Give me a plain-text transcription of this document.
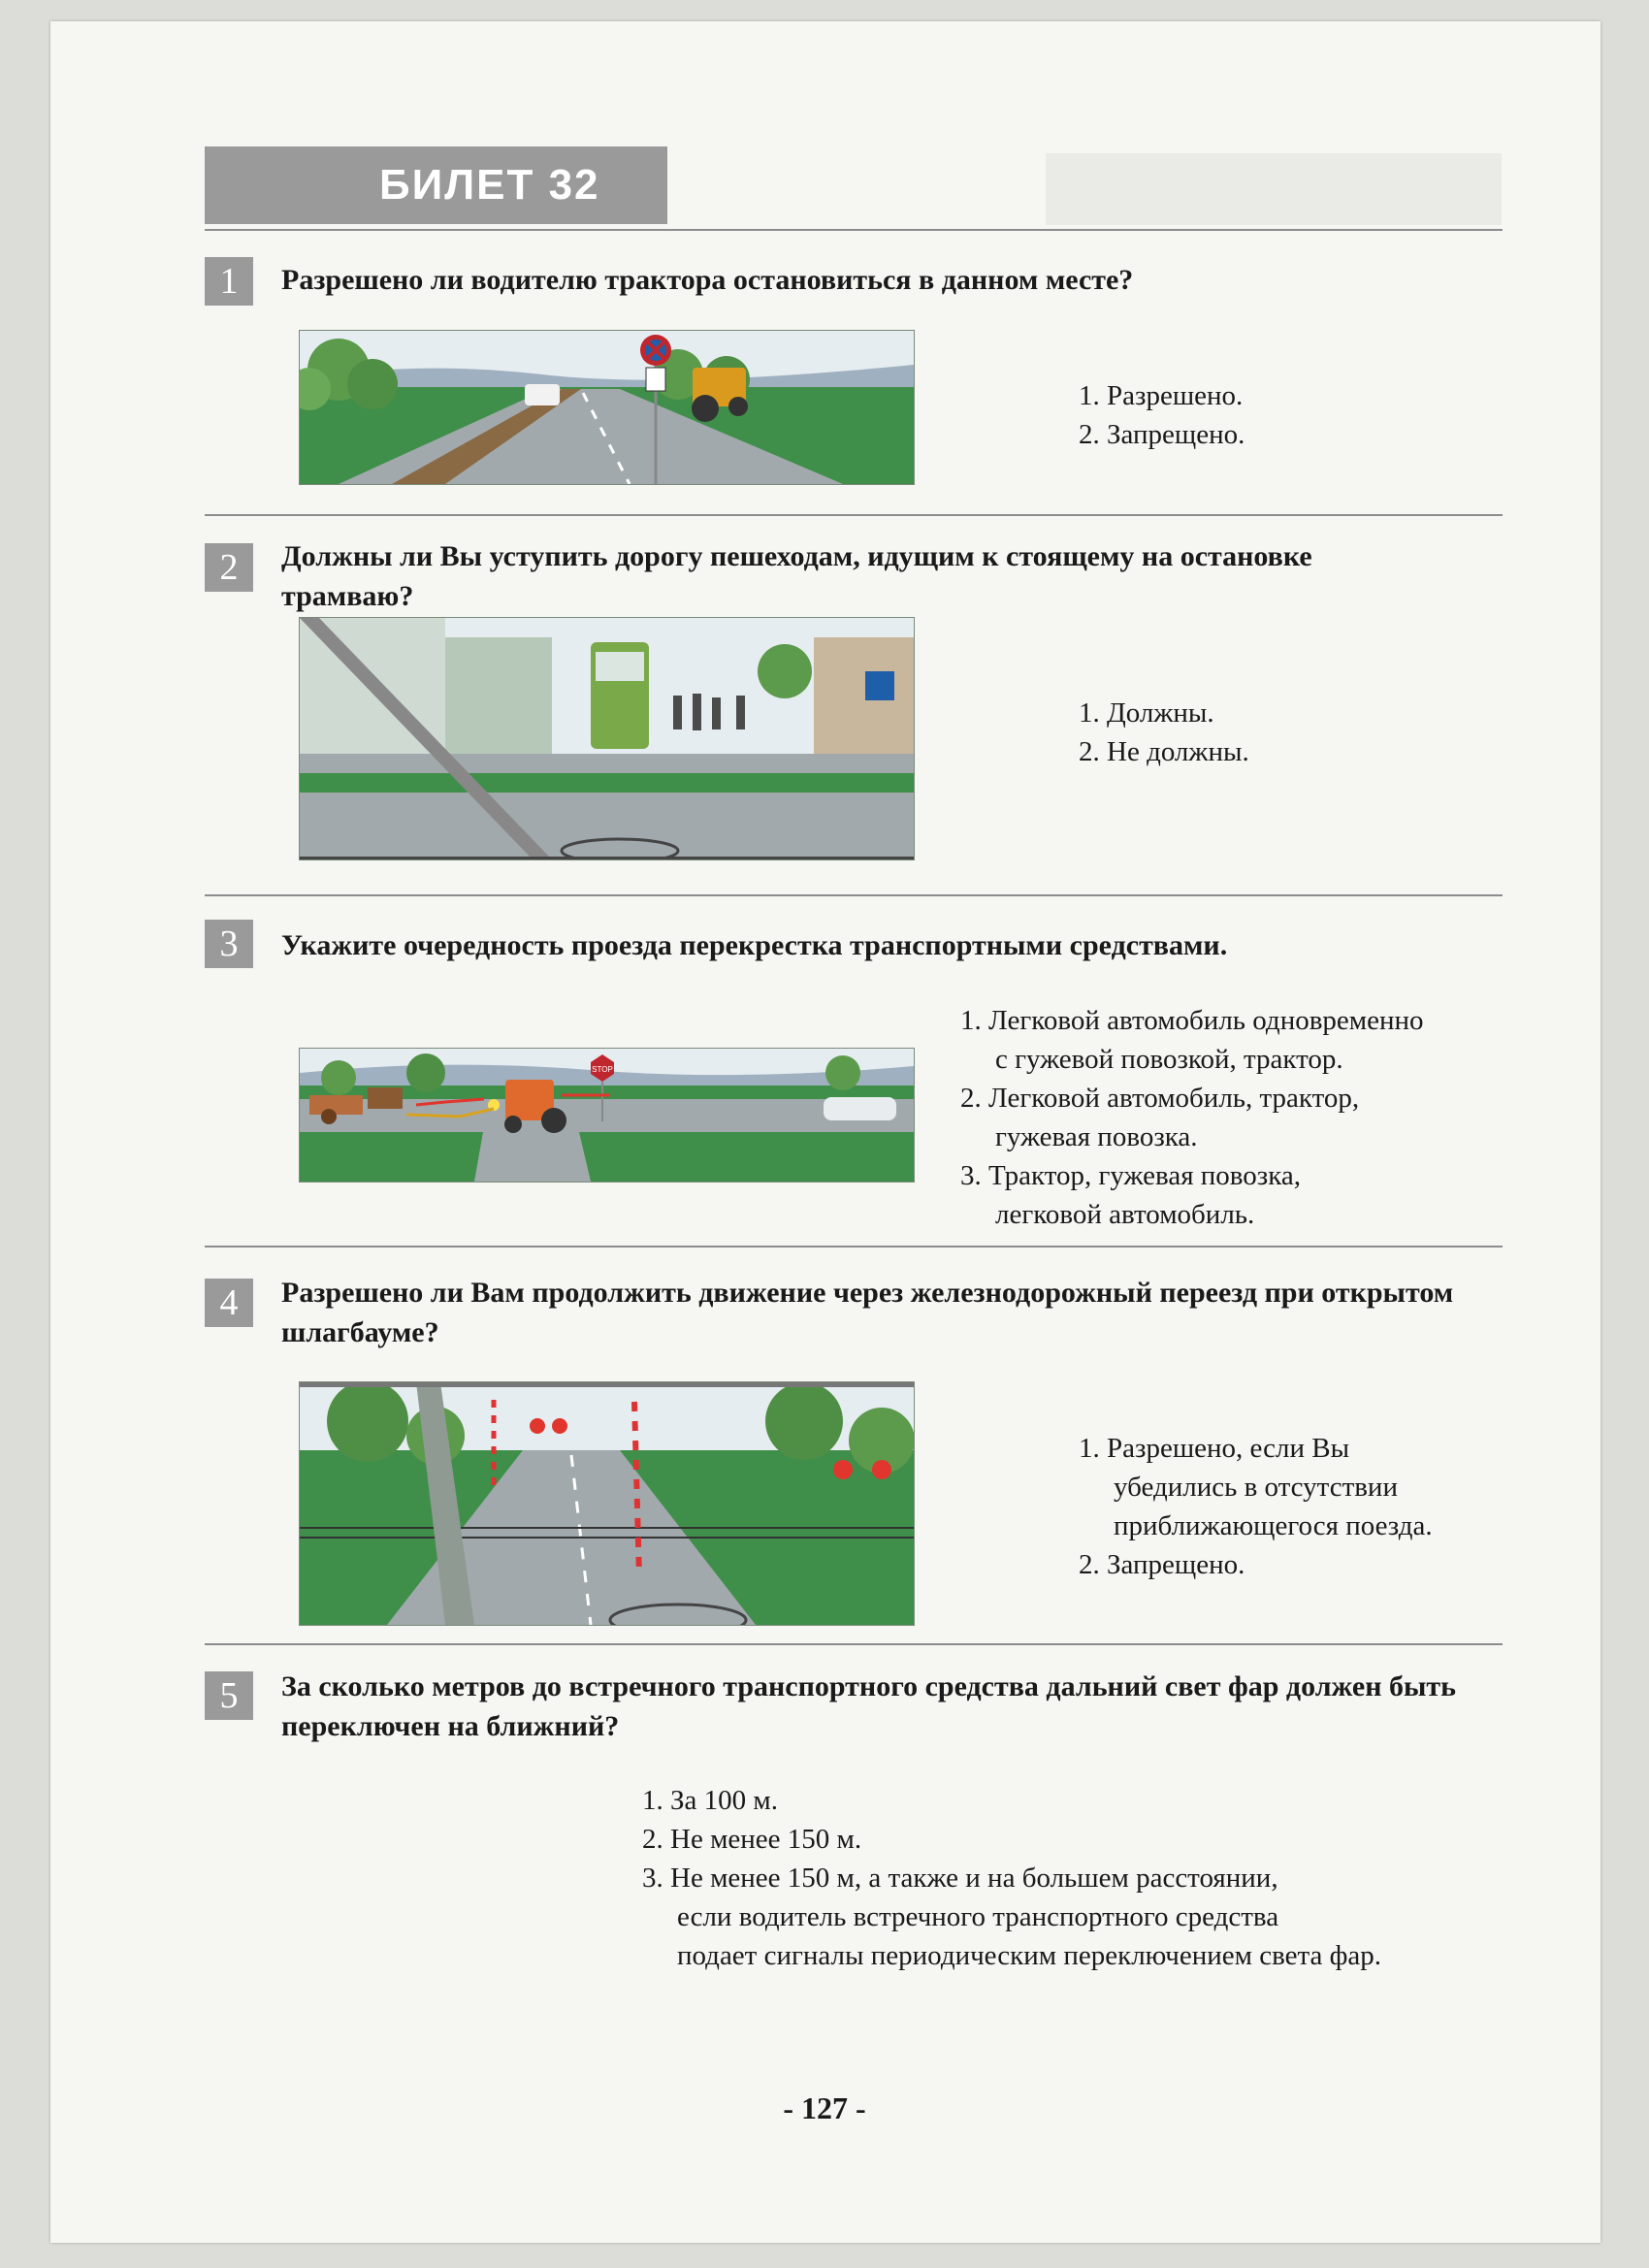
БИЛЕТ 32
1	Разрешено ли водителю трактора остановиться в данном месте?
1. Разрешено.
2. Запрещено.
2	Должны ли Вы уступить дорогу пешеходам, идущим к стоящему на остановке трамваю?
1. Должны.
2. Не должны.
3	Укажите очередность проезда перекрестка транспортными средствами.
STOP
1. Легковой автомобиль одновременно
с гужевой повозкой, трактор.
2. Легковой автомобиль, трактор,
гужевая повозка.
3. Трактор, гужевая повозка,
легковой автомобиль.
4	Разрешено ли Вам продолжить движение через железнодорожный переезд при открытом шлагбауме?
1. Разрешено, если Вы
убедились в отсутствии
приближающегося поезда.
2. Запрещено.
5	За сколько метров до встречного транспортного средства дальний свет фар должен быть переключен на ближний?
1. За 100 м.
2. Не менее 150 м.
3. Не менее 150 м, а также и на большем расстоянии,
если водитель встречного транспортного средства
подает сигналы периодическим переключением света фар.
- 127 -
